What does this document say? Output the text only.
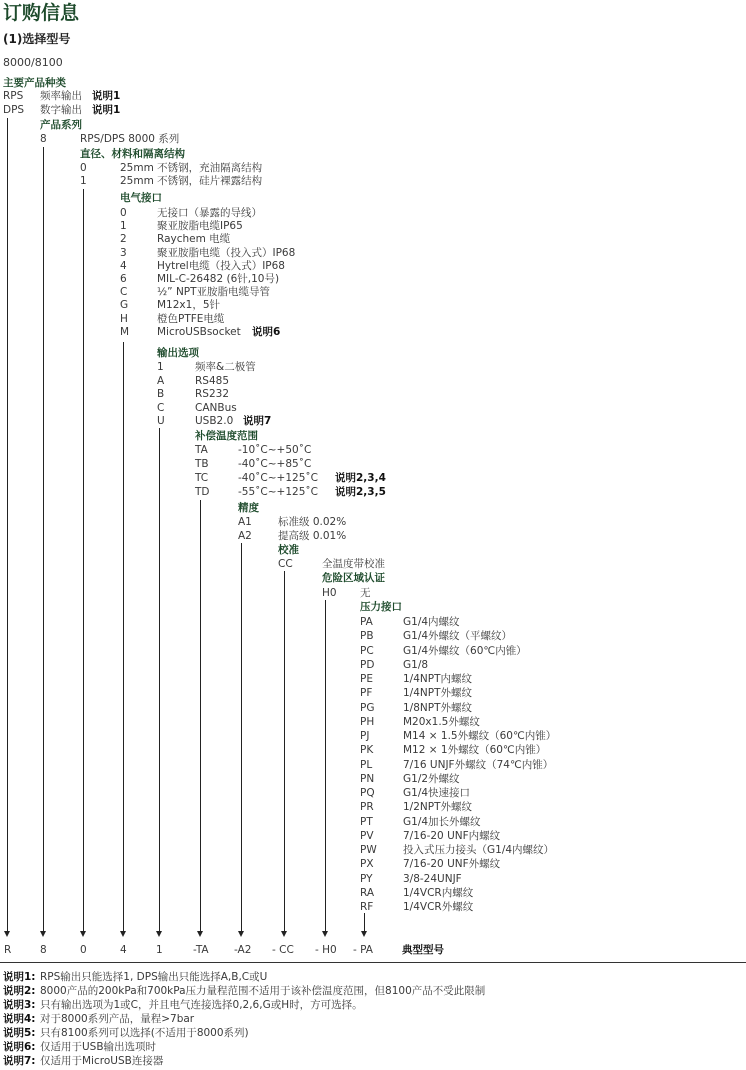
订购信息
(1)选择型号
8000/8100
主要产品种类
RPS 频率输出 说明1
DPS 数字输出 说明1
产品系列
8	RPS/DPS 8000 系列
直径、材料和隔离结构
0	25mm 不锈钢，充油隔离结构
1	25mm 不锈钢，硅片裸露结构
电气接口
0	无接口（暴露的导线）
1	聚亚胺脂电缆IP65
2	Raychem 电缆
3	聚亚胺脂电缆（投入式）IP68
4	Hytrel电缆（投入式）IP68
6	MIL-C-26482 (6针,10号)
C	½” NPT亚胺脂电缆导管
G	M12x1，5针
H	橙色PTFE电缆
M	MicroUSBsocket 说明6
输出选项
1	频率&二极管
A	RS485
B	RS232
C	CANBus
U	USB2.0 说明7
补偿温度范围
TA	-10˚C~+50˚C
TB	-40˚C~+85˚C
TC	-40˚C~+125˚C 说明2,3,4
TD	-55˚C~+125˚C 说明2,3,5
精度
A1 标准级 0.02%
A2 提高级 0.01%
校准
CC	全温度带校准
危险区域认证
H0 无
压力接口
PA	G1/4内螺纹
PB	G1/4外螺纹（平螺纹）
PC	G1/4外螺纹（60℃内锥）
PD	G1/8
PE	1/4NPT内螺纹
PF	1/4NPT外螺纹
PG	1/8NPT外螺纹
PH	M20x1.5外螺纹
PJ	M14 × 1.5外螺纹（60℃内锥）
PK	M12 × 1外螺纹（60℃内锥）
PL	7/16 UNJF外螺纹（74℃内锥）
PN	G1/2外螺纹
PQ	G1/4快速接口
PR	1/2NPT外螺纹
PT	G1/4加长外螺纹
PV	7/16-20 UNF内螺纹
PW	投入式压力接头（G1/4内螺纹）
PX	7/16-20 UNF外螺纹
PY	3/8-24UNJF
RA	1/4VCR内螺纹
RF	1/4VCR外螺纹
R	8	0	4	1	-TA -A2 - CC - H0 - PA	典型型号
说明1: RPS输出只能选择1, DPS输出只能选择A,B,C或U
说明2: 8000产品的200kPa和700kPa压力量程范围不适用于该补偿温度范围，但8100产品不受此限制
说明3: 只有输出选项为1或C，并且电气连接选择0,2,6,G或H时，方可选择。
说明4: 对于8000系列产品，量程>7bar
说明5: 只有8100系列可以选择(不适用于8000系列)
说明6: 仅适用于USB输出选项时
说明7: 仅适用于MicroUSB连接器
